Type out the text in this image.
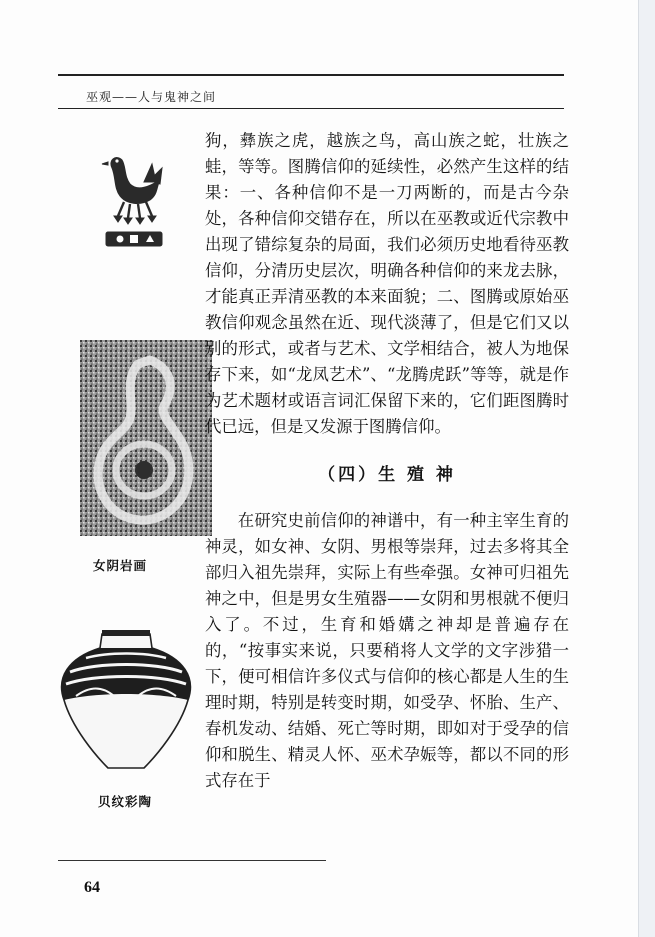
巫观——人与鬼神之间
女阴岩画
贝纹彩陶

狗，彝族之虎，越族之鸟，高山族之蛇，壮族之蛙，等等。图腾信仰的延续性，必然产生这样的结果：一、各种信仰不是一刀两断的，而是古今杂处，各种信仰交错存在，所以在巫教或近代宗教中出现了错综复杂的局面，我们必须历史地看待巫教信仰，分清历史层次，明确各种信仰的来龙去脉，才能真正弄清巫教的本来面貌；二、图腾或原始巫教信仰观念虽然在近、现代淡薄了，但是它们又以别的形式，或者与艺术、文学相结合，被人为地保存下来，如“龙凤艺术”、“龙腾虎跃”等等，就是作为艺术题材或语言词汇保留下来的，它们距图腾时代已远，但是又发源于图腾信仰。

（四）生 殖 神

在研究史前信仰的神谱中，有一种主宰生育的神灵，如女神、女阴、男根等崇拜，过去多将其全部归入祖先崇拜，实际上有些牵强。女神可归祖先神之中，但是男女生殖器——女阴和男根就不便归入了。不过，生育和婚媾之神却是普遍存在的，“按事实来说，只要稍将人文学的文字涉猎一下，便可相信许多仪式与信仰的核心都是人生的生理时期，特别是转变时期，如受孕、怀胎、生产、春机发动、结婚、死亡等时期，即如对于受孕的信仰和脱生、精灵人怀、巫术孕娠等，都以不同的形式存在于

64
